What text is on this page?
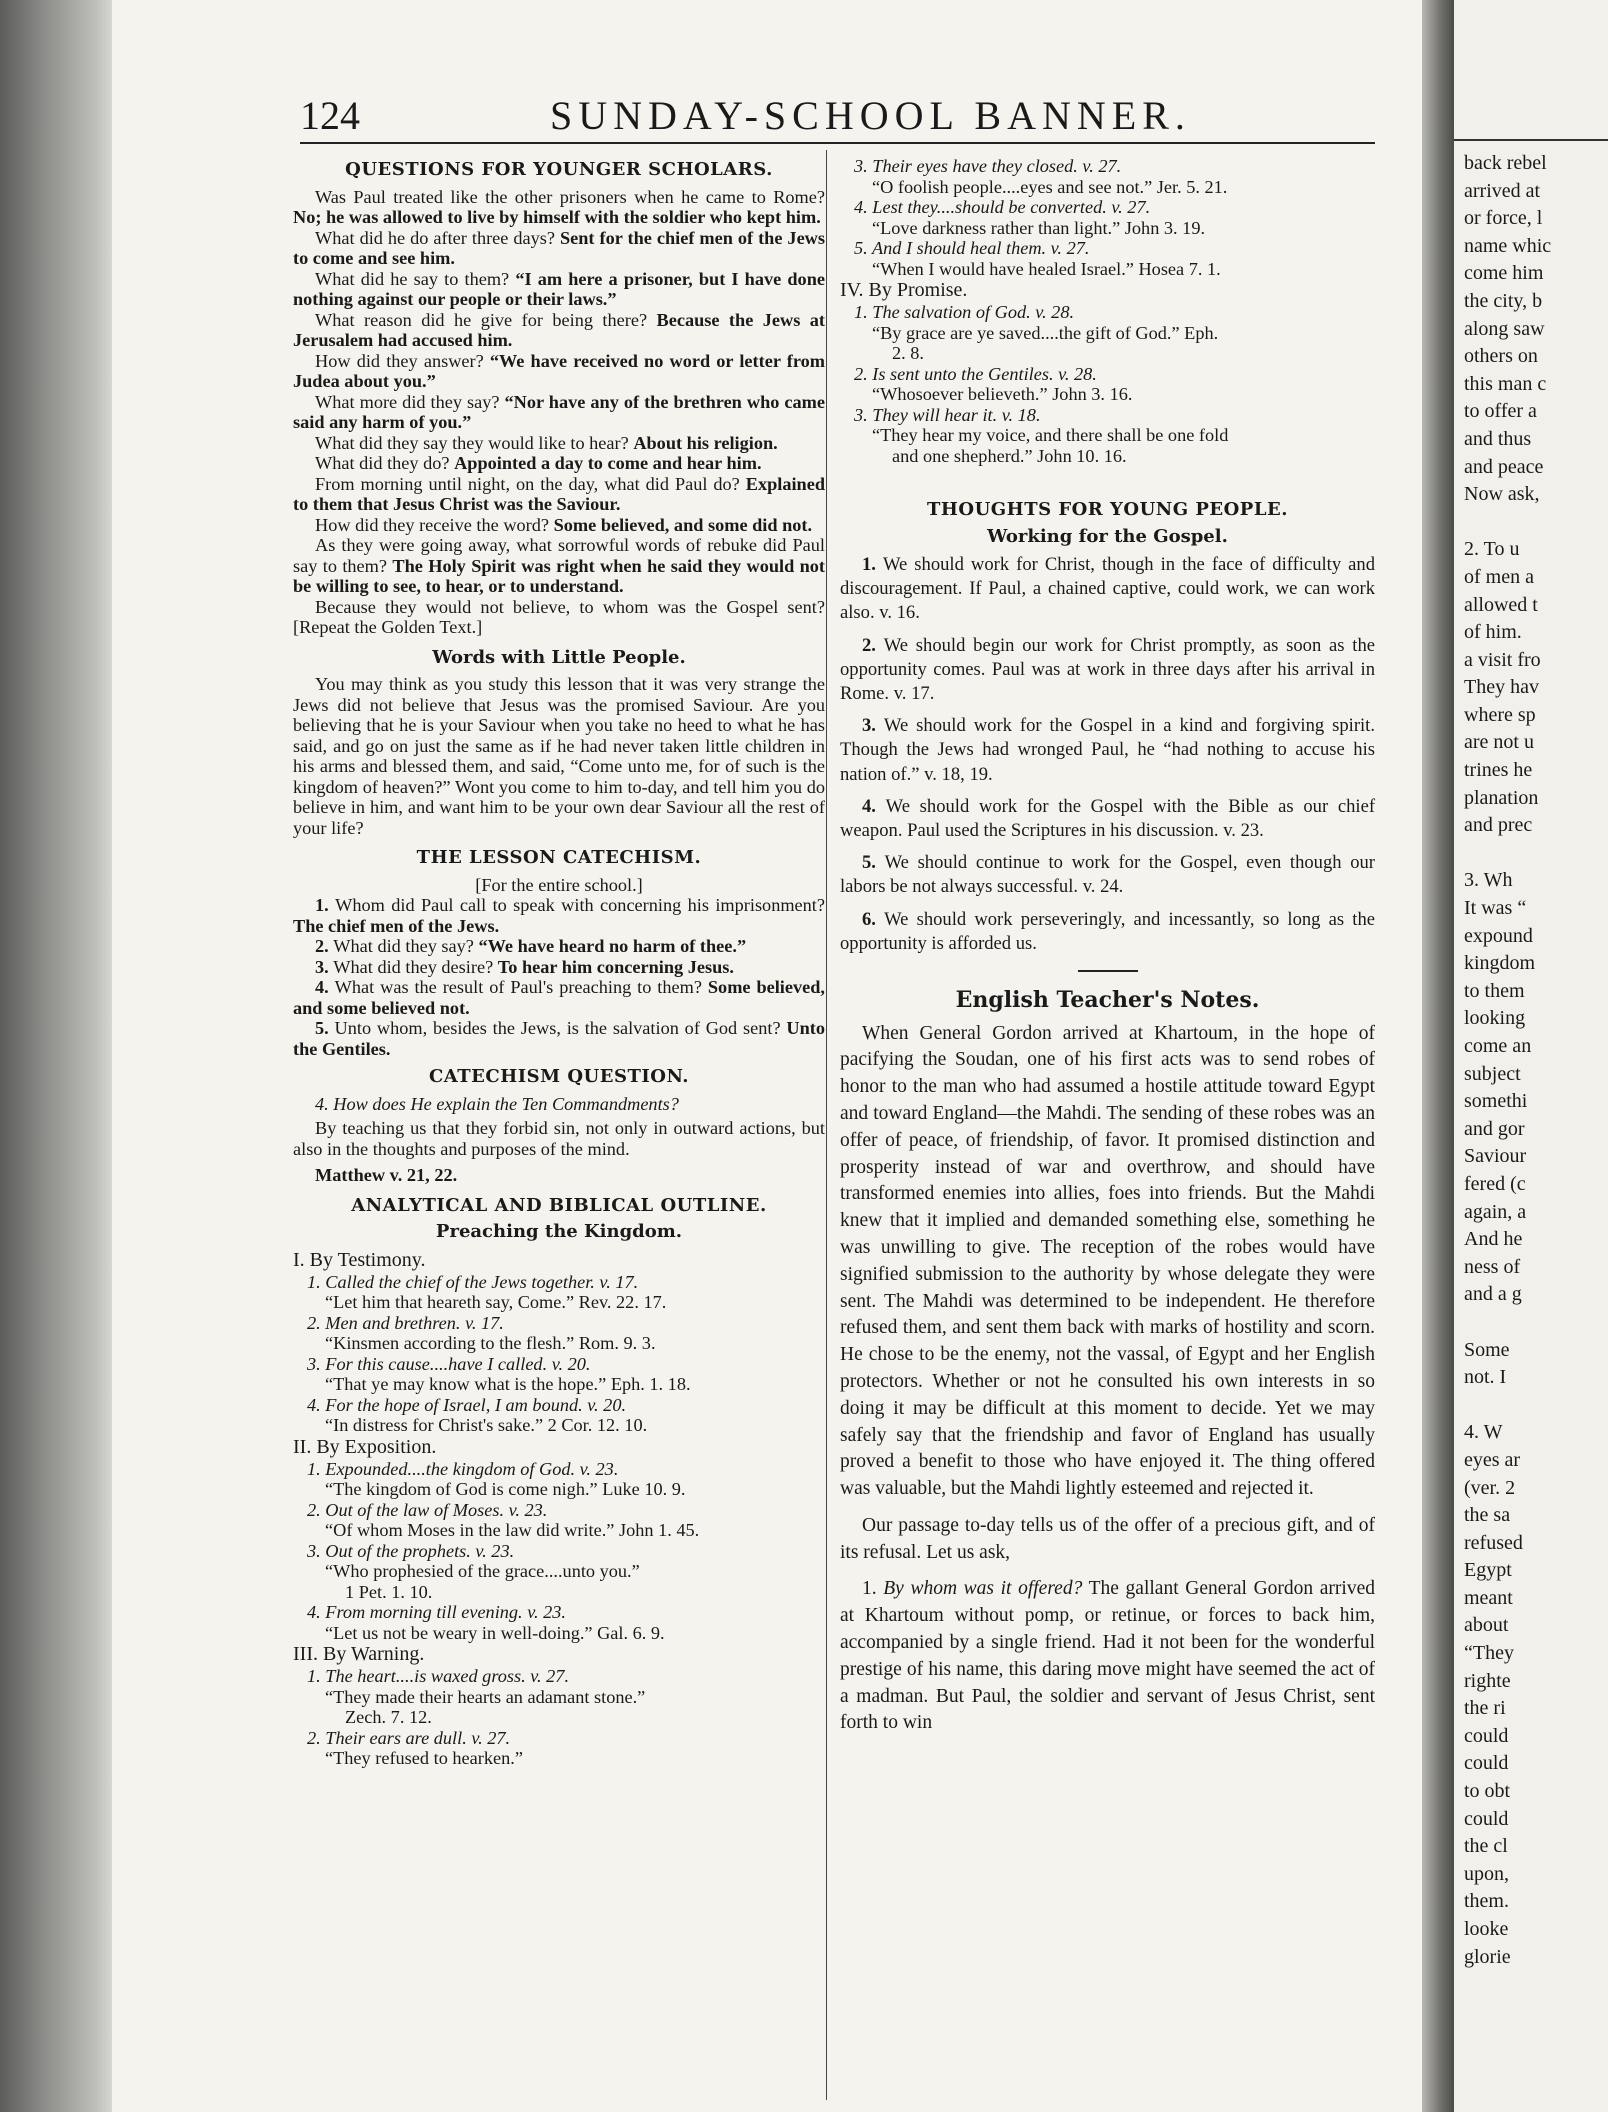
back rebel
arrived at
or force, l
name whic
come him
the city, b
along saw
others on
this man c
to offer a
and thus
and peace
Now ask,

2. To u
of men a
allowed t
of him.
a visit fro
They hav
where sp
are not u
trines he
planation
and prec

3. Wh
It was “
expound
kingdom
to them
looking
come an
subject
somethi
and gor
Saviour
fered (c
again, a
And he
ness of
and a g

Some
not. I

4. W
eyes ar
(ver. 2
the sa
refused
Egypt
meant
about
“They
righte
the ri
could
could
to obt
could
the cl
upon,
them.
looke
glorie
124	SUNDAY-SCHOOL BANNER.
QUESTIONS FOR YOUNGER SCHOLARS.

Was Paul treated like the other prisoners when he came to Rome? No; he was allowed to live by himself with the soldier who kept him.

What did he do after three days? Sent for the chief men of the Jews to come and see him.

What did he say to them? “I am here a prisoner, but I have done nothing against our people or their laws.”

What reason did he give for being there? Because the Jews at Jerusalem had accused him.

How did they answer? “We have received no word or letter from Judea about you.”

What more did they say? “Nor have any of the brethren who came said any harm of you.”

What did they say they would like to hear? About his religion.

What did they do? Appointed a day to come and hear him.

From morning until night, on the day, what did Paul do? Explained to them that Jesus Christ was the Saviour.

How did they receive the word? Some believed, and some did not.

As they were going away, what sorrowful words of rebuke did Paul say to them? The Holy Spirit was right when he said they would not be willing to see, to hear, or to understand.

Because they would not believe, to whom was the Gospel sent? [Repeat the Golden Text.]

Words with Little People.

You may think as you study this lesson that it was very strange the Jews did not believe that Jesus was the promised Saviour. Are you believing that he is your Saviour when you take no heed to what he has said, and go on just the same as if he had never taken little children in his arms and blessed them, and said, “Come unto me, for of such is the kingdom of heaven?” Wont you come to him to-day, and tell him you do believe in him, and want him to be your own dear Saviour all the rest of your life?

THE LESSON CATECHISM.
[For the entire school.]

1. Whom did Paul call to speak with concerning his imprisonment? The chief men of the Jews.

2. What did they say? “We have heard no harm of thee.”

3. What did they desire? To hear him concerning Jesus.

4. What was the result of Paul's preaching to them? Some believed, and some believed not.

5. Unto whom, besides the Jews, is the salvation of God sent? Unto the Gentiles.

CATECHISM QUESTION.

4. How does He explain the Ten Commandments?

By teaching us that they forbid sin, not only in outward actions, but also in the thoughts and purposes of the mind.

Matthew v. 21, 22.

ANALYTICAL AND BIBLICAL OUTLINE.
Preaching the Kingdom.
I. By Testimony.
1. Called the chief of the Jews together. v. 17.
“Let him that heareth say, Come.” Rev. 22. 17.
2. Men and brethren. v. 17.
“Kinsmen according to the flesh.” Rom. 9. 3.
3. For this cause....have I called. v. 20.
“That ye may know what is the hope.” Eph. 1. 18.
4. For the hope of Israel, I am bound. v. 20.
“In distress for Christ's sake.” 2 Cor. 12. 10.
II. By Exposition.
1. Expounded....the kingdom of God. v. 23.
“The kingdom of God is come nigh.” Luke 10. 9.
2. Out of the law of Moses. v. 23.
“Of whom Moses in the law did write.” John 1. 45.
3. Out of the prophets. v. 23.
“Who prophesied of the grace....unto you.”
1 Pet. 1. 10.
4. From morning till evening. v. 23.
“Let us not be weary in well-doing.” Gal. 6. 9.
III. By Warning.
1. The heart....is waxed gross. v. 27.
“They made their hearts an adamant stone.”
Zech. 7. 12.
2. Their ears are dull. v. 27.
“They refused to hearken.”
3. Their eyes have they closed. v. 27.
“O foolish people....eyes and see not.” Jer. 5. 21.
4. Lest they....should be converted. v. 27.
“Love darkness rather than light.” John 3. 19.
5. And I should heal them. v. 27.
“When I would have healed Israel.” Hosea 7. 1.
IV. By Promise.
1. The salvation of God. v. 28.
“By grace are ye saved....the gift of God.” Eph.
2. 8.
2. Is sent unto the Gentiles. v. 28.
“Whosoever believeth.” John 3. 16.
3. They will hear it. v. 18.
“They hear my voice, and there shall be one fold
and one shepherd.” John 10. 16.
THOUGHTS FOR YOUNG PEOPLE.
Working for the Gospel.

1. We should work for Christ, though in the face of difficulty and discouragement. If Paul, a chained captive, could work, we can work also. v. 16.

2. We should begin our work for Christ promptly, as soon as the opportunity comes. Paul was at work in three days after his arrival in Rome. v. 17.

3. We should work for the Gospel in a kind and forgiving spirit. Though the Jews had wronged Paul, he “had nothing to accuse his nation of.” v. 18, 19.

4. We should work for the Gospel with the Bible as our chief weapon. Paul used the Scriptures in his discussion. v. 23.

5. We should continue to work for the Gospel, even though our labors be not always successful. v. 24.

6. We should work perseveringly, and incessantly, so long as the opportunity is afforded us.

English Teacher's Notes.

When General Gordon arrived at Khartoum, in the hope of pacifying the Soudan, one of his first acts was to send robes of honor to the man who had assumed a hostile attitude toward Egypt and toward England—the Mahdi. The sending of these robes was an offer of peace, of friendship, of favor. It promised distinction and prosperity instead of war and overthrow, and should have transformed enemies into allies, foes into friends. But the Mahdi knew that it implied and demanded something else, something he was unwilling to give. The reception of the robes would have signified submission to the authority by whose delegate they were sent. The Mahdi was determined to be independent. He therefore refused them, and sent them back with marks of hostility and scorn. He chose to be the enemy, not the vassal, of Egypt and her English protectors. Whether or not he consulted his own interests in so doing it may be difficult at this moment to decide. Yet we may safely say that the friendship and favor of England has usually proved a benefit to those who have enjoyed it. The thing offered was valuable, but the Mahdi lightly esteemed and rejected it.

Our passage to-day tells us of the offer of a precious gift, and of its refusal. Let us ask,

1. By whom was it offered? The gallant General Gordon arrived at Khartoum without pomp, or retinue, or forces to back him, accompanied by a single friend. Had it not been for the wonderful prestige of his name, this daring move might have seemed the act of a madman. But Paul, the soldier and servant of Jesus Christ, sent forth to win
